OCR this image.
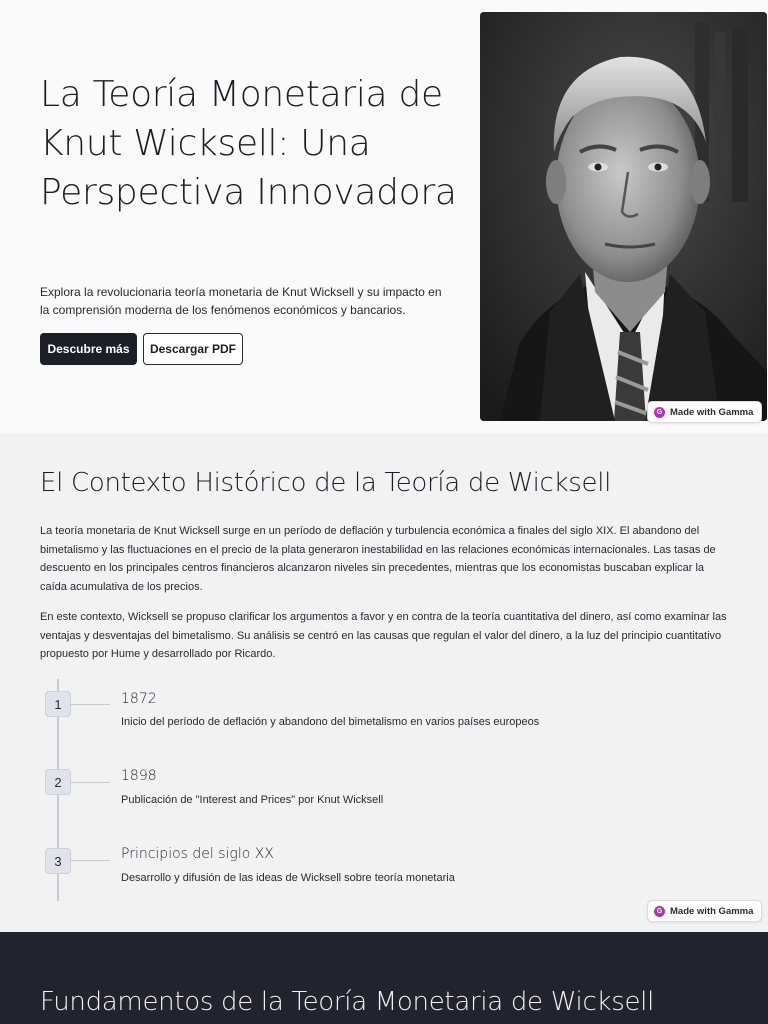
La Teoría Monetaria de Knut Wicksell: Una Perspectiva Innovadora

Explora la revolucionaria teoría monetaria de Knut Wicksell y su impacto en la comprensión moderna de los fenómenos económicos y bancarios.

Descubre más	Descargar PDF
G Made with Gamma
El Contexto Histórico de la Teoría de Wicksell

La teoría monetaria de Knut Wicksell surge en un período de deflación y turbulencia económica a finales del siglo XIX. El abandono del bimetalismo y las fluctuaciones en el precio de la plata generaron inestabilidad en las relaciones económicas internacionales. Las tasas de descuento en los principales centros financieros alcanzaron niveles sin precedentes, mientras que los economistas buscaban explicar la caída acumulativa de los precios.

En este contexto, Wicksell se propuso clarificar los argumentos a favor y en contra de la teoría cuantitativa del dinero, así como examinar las ventajas y desventajas del bimetalismo. Su análisis se centró en las causas que regulan el valor del dinero, a la luz del principio cuantitativo propuesto por Hume y desarrollado por Ricardo.

1	1872
Inicio del período de deflación y abandono del bimetalismo en varios países europeos
2	1898
Publicación de "Interest and Prices" por Knut Wicksell
3	Principios del siglo XX
Desarrollo y difusión de las ideas de Wicksell sobre teoría monetaria
G Made with Gamma
Fundamentos de la Teoría Monetaria de Wicksell
